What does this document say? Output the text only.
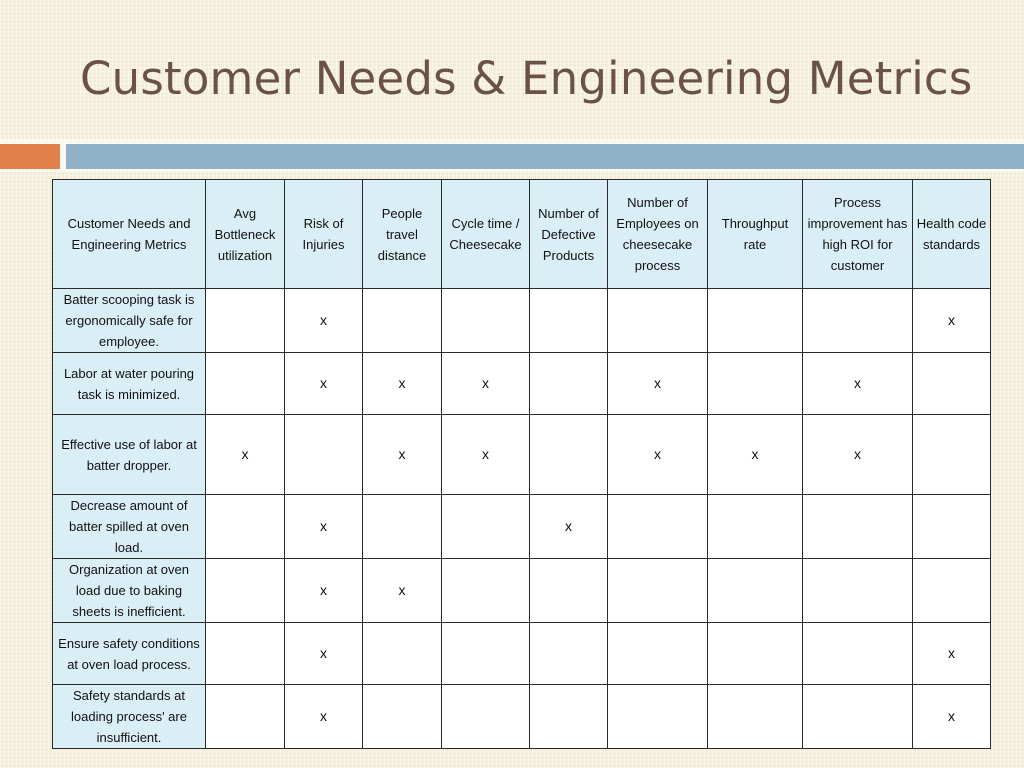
Customer Needs & Engineering Metrics
Customer Needs and Engineering Metrics	Avg Bottleneck utilization	Risk of Injuries	People travel distance	Cycle time / Cheesecake	Number of Defective Products	Number of Employees on cheesecake process	Throughput rate	Process improvement has high ROI for customer	Health code standards
Batter scooping task is ergonomically safe for employee.		x							x
Labor at water pouring task is minimized.		x	x	x		x		x	
Effective use of labor at batter dropper.	x		x	x		x	x	x	
Decrease amount of batter spilled at oven load.		x			x				
Organization at oven load due to baking sheets is inefficient.		x	x						
Ensure safety conditions at oven load process.		x							x
Safety standards at loading process' are insufficient.		x							x
